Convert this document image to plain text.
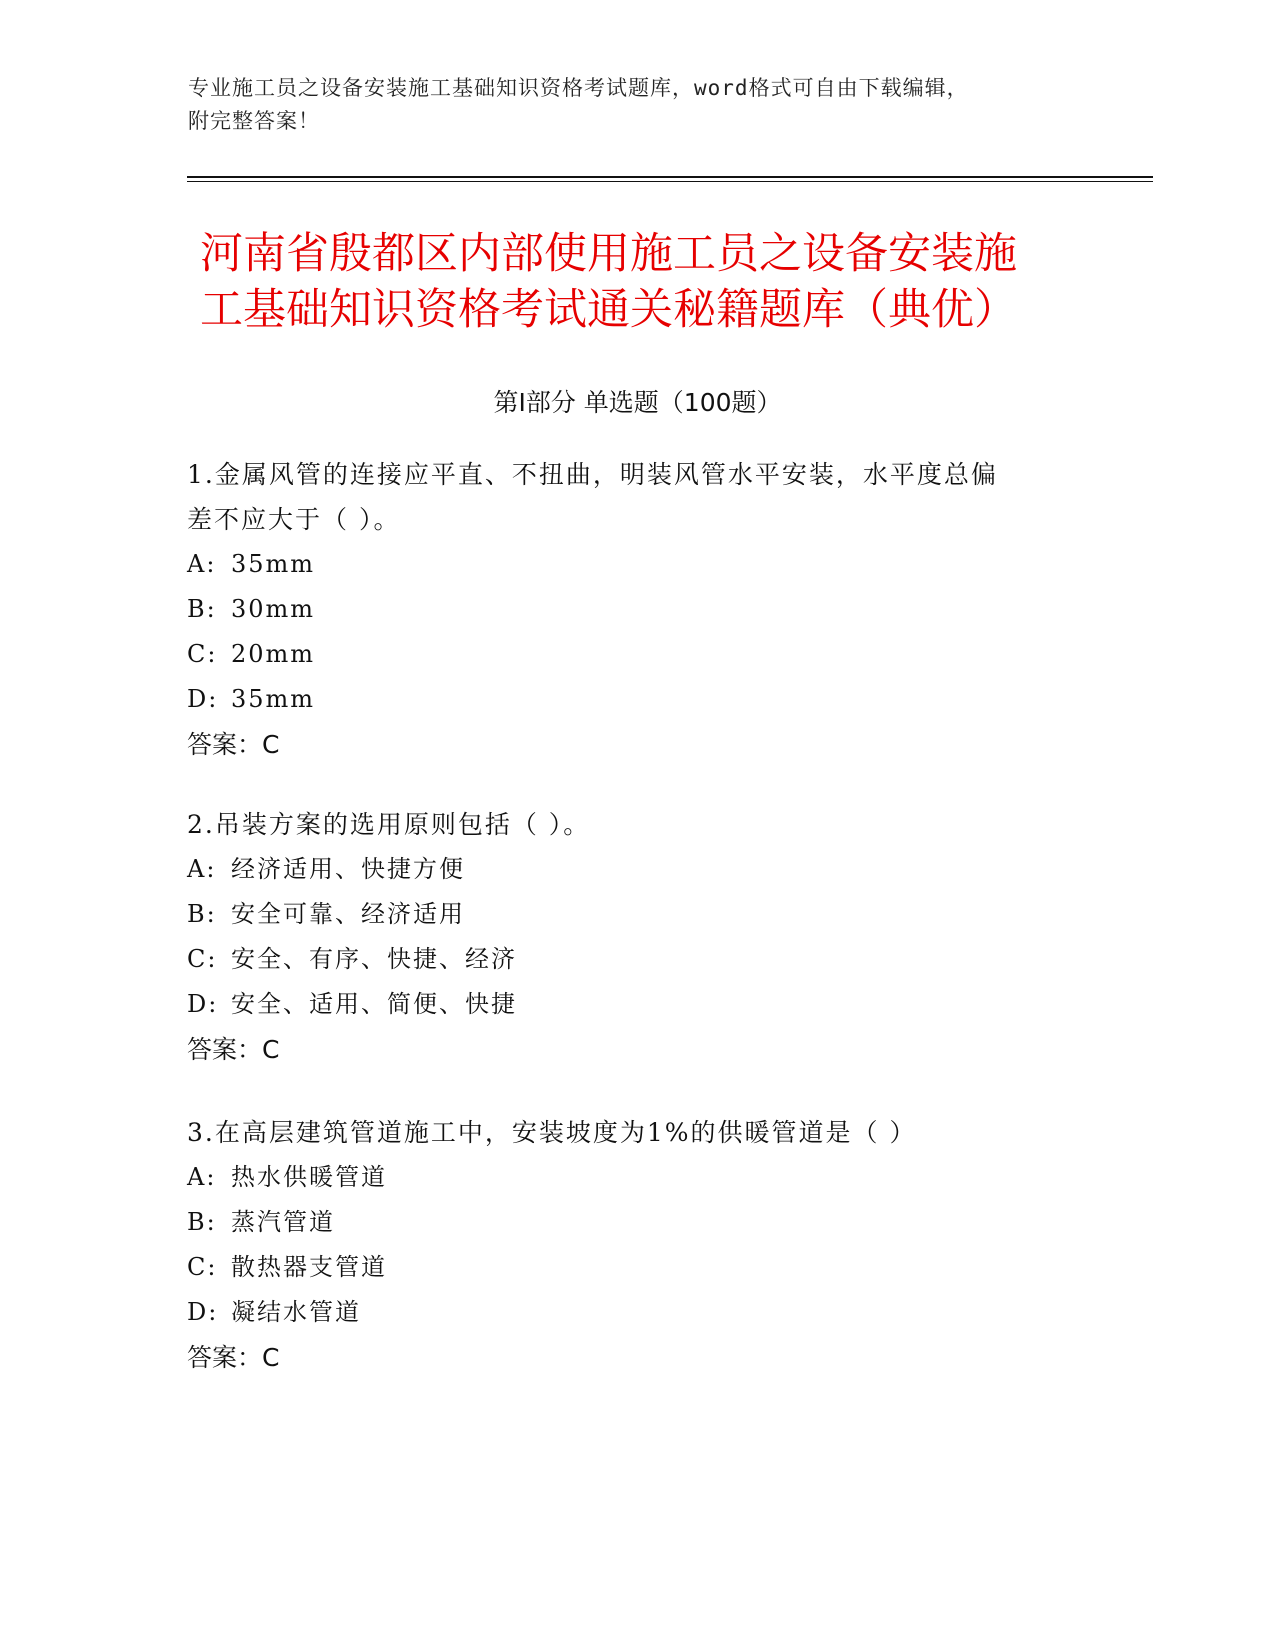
专业施工员之设备安装施工基础知识资格考试题库，word格式可自由下载编辑，
附完整答案！
河南省殷都区内部使用施工员之设备安装施
工基础知识资格考试通关秘籍题库（典优）
第Ⅰ部分 单选题（100题）
1.金属风管的连接应平直、不扭曲，明装风管水平安装，水平度总偏
差不应大于（ ）。
A: 35mm
B: 30mm
C: 20mm
D: 35mm
答案：C
2.吊装方案的选用原则包括（ ）。
A: 经济适用、快捷方便
B: 安全可靠、经济适用
C: 安全、有序、快捷、经济
D: 安全、适用、简便、快捷
答案：C
3.在高层建筑管道施工中，安装坡度为1%的供暖管道是（ ）
A: 热水供暖管道
B: 蒸汽管道
C: 散热器支管道
D: 凝结水管道
答案：C
